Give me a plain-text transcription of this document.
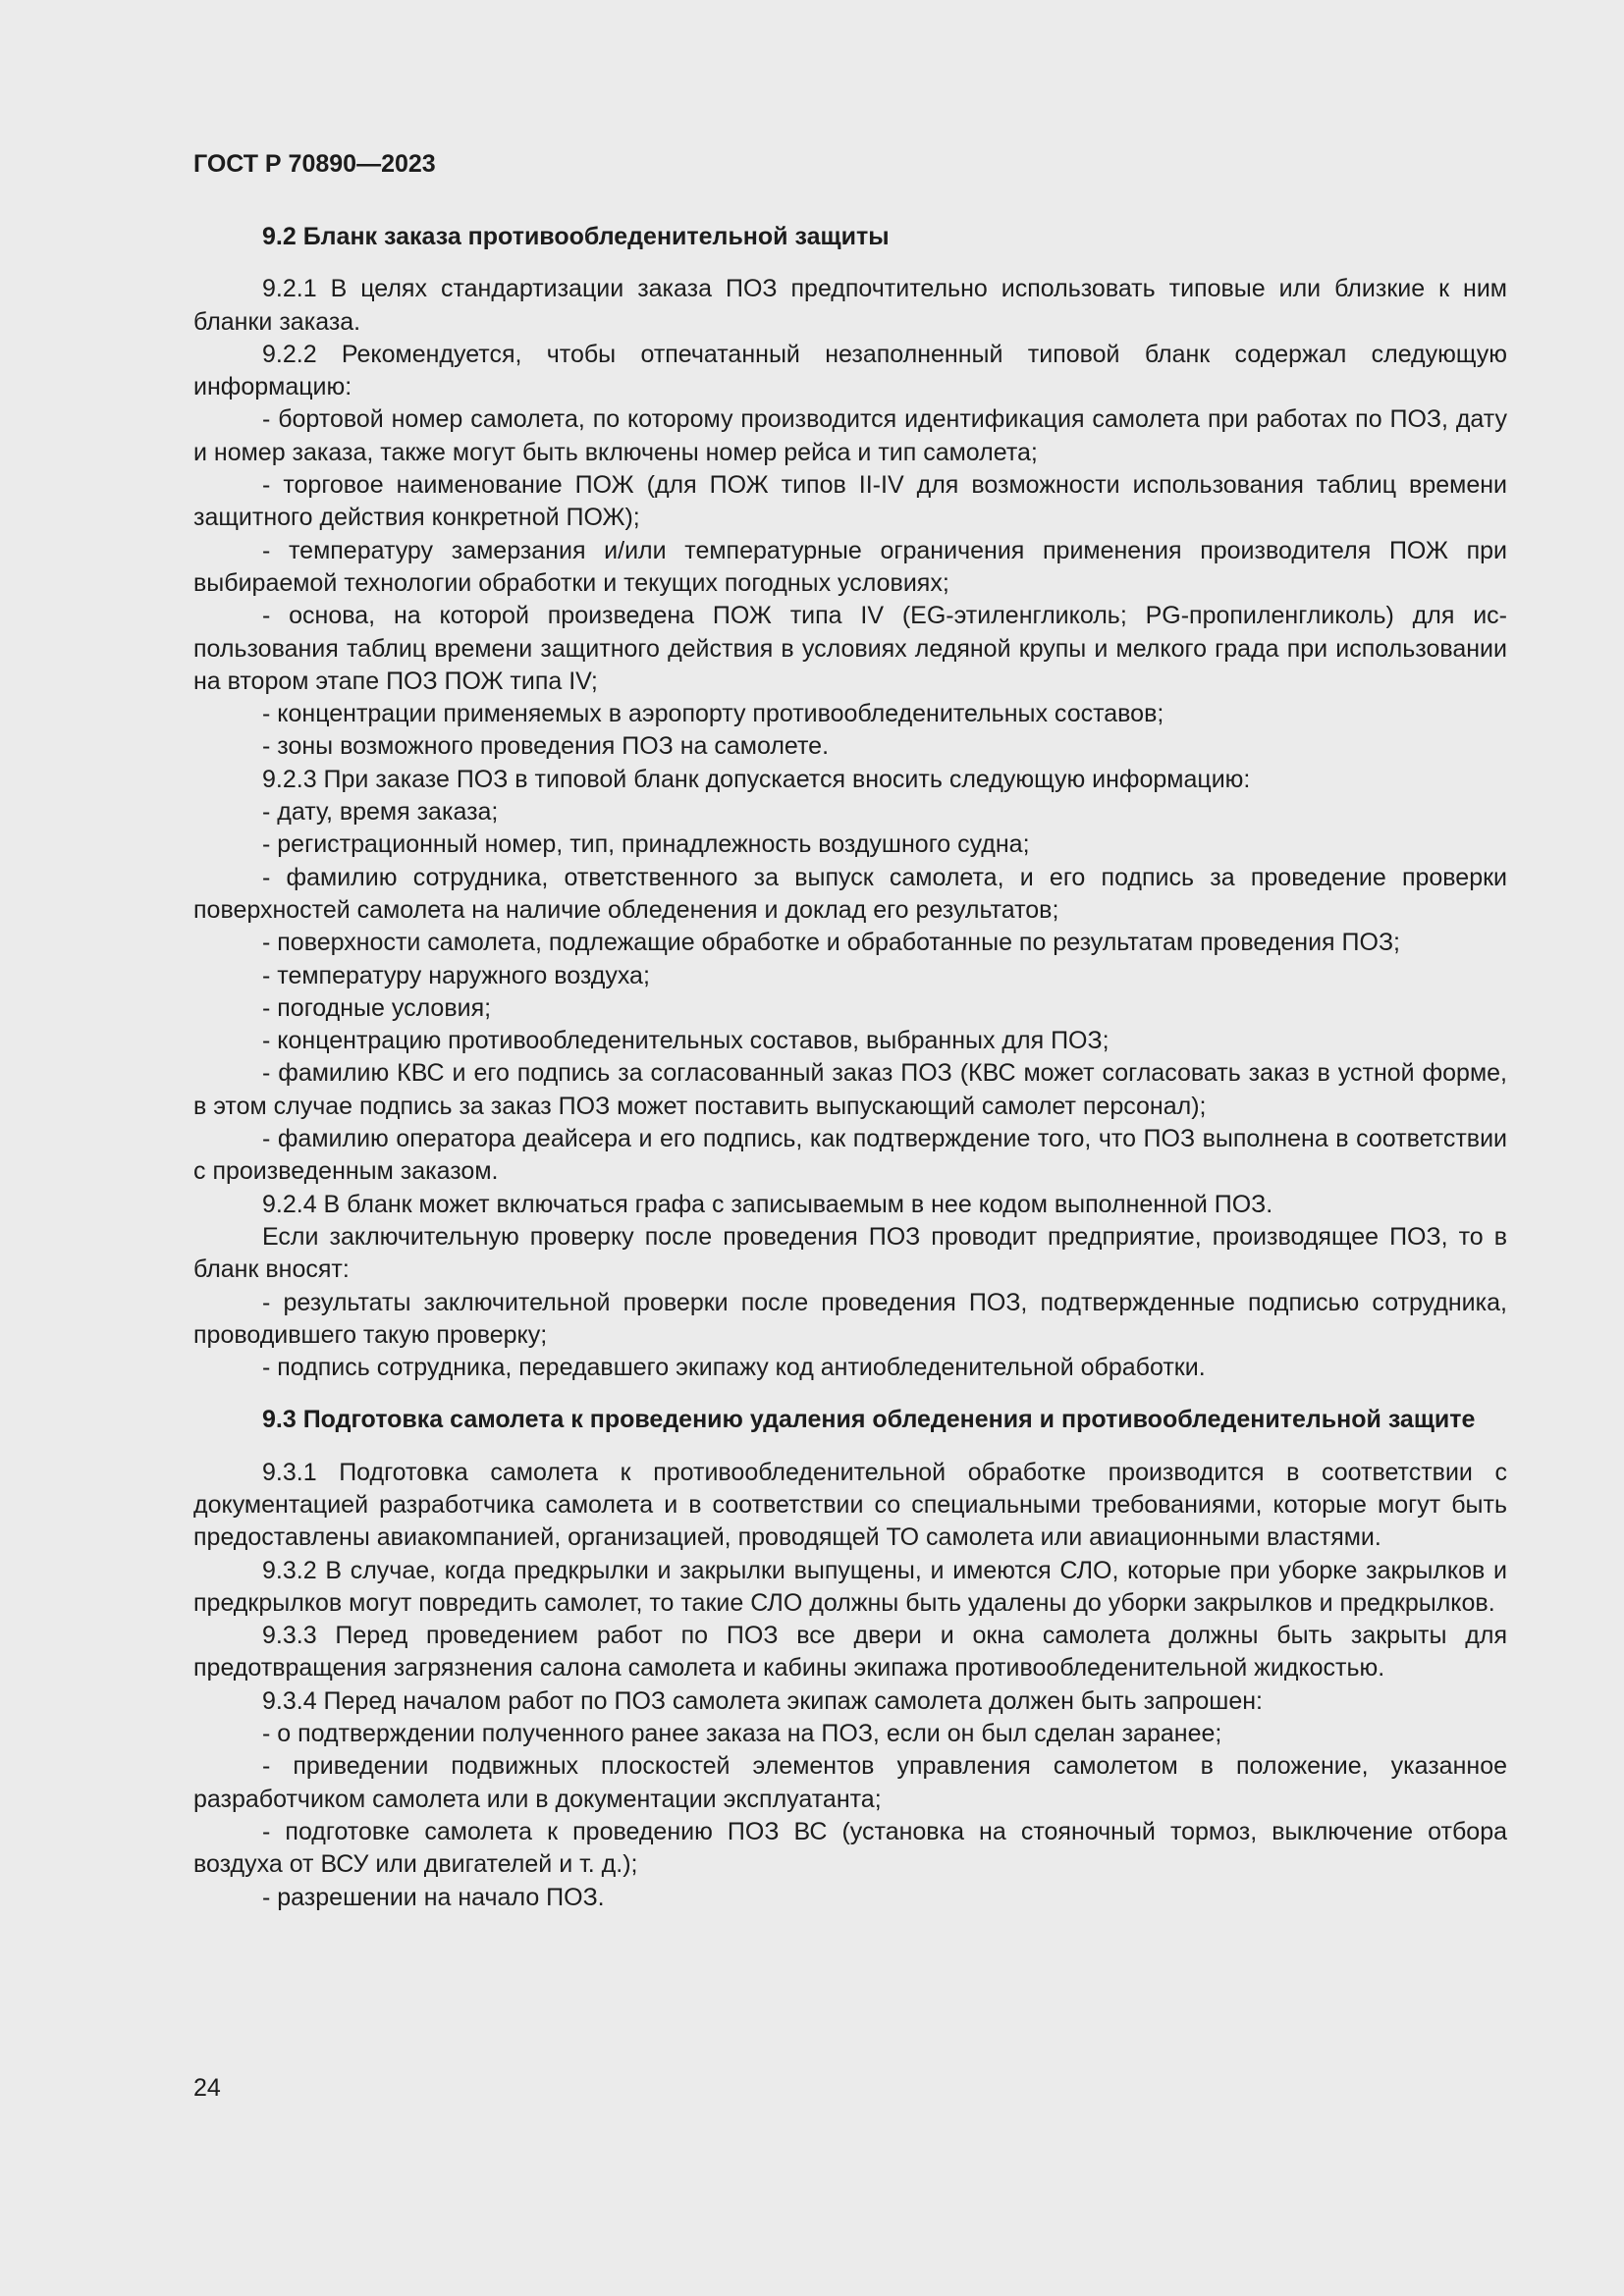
ГОСТ Р 70890—2023
9.2 Бланк заказа противообледенительной защиты

9.2.1 В целях стандартизации заказа ПОЗ предпочтительно использовать типовые или близкие к ним бланки заказа.

9.2.2 Рекомендуется, чтобы отпечатанный незаполненный типовой бланк содержал следующую информацию:

- бортовой номер самолета, по которому производится идентификация самолета при работах по ПОЗ, дату и номер заказа, также могут быть включены номер рейса и тип самолета;

- торговое наименование ПОЖ (для ПОЖ типов II-IV для возможности использования таблиц времени защитного действия конкретной ПОЖ);

- температуру замерзания и/или температурные ограничения применения производителя ПОЖ при выбираемой технологии обработки и текущих погодных условиях;

- основа, на которой произведена ПОЖ типа IV (EG-этиленгликоль; PG-пропиленгликоль) для использования таблиц времени защитного действия в условиях ледяной крупы и мелкого града при использовании на втором этапе ПОЗ ПОЖ типа IV;

- концентрации применяемых в аэропорту противообледенительных составов;

- зоны возможного проведения ПОЗ на самолете.

9.2.3 При заказе ПОЗ в типовой бланк допускается вносить следующую информацию:

- дату, время заказа;

- регистрационный номер, тип, принадлежность воздушного судна;

- фамилию сотрудника, ответственного за выпуск самолета, и его подпись за проведение проверки поверхностей самолета на наличие обледенения и доклад его результатов;

- поверхности самолета, подлежащие обработке и обработанные по результатам проведения ПОЗ;

- температуру наружного воздуха;

- погодные условия;

- концентрацию противообледенительных составов, выбранных для ПОЗ;

- фамилию КВС и его подпись за согласованный заказ ПОЗ (КВС может согласовать заказ в устной форме, в этом случае подпись за заказ ПОЗ может поставить выпускающий самолет персонал);

- фамилию оператора деайсера и его подпись, как подтверждение того, что ПОЗ выполнена в соответствии с произведенным заказом.

9.2.4 В бланк может включаться графа с записываемым в нее кодом выполненной ПОЗ.

Если заключительную проверку после проведения ПОЗ проводит предприятие, производящее ПОЗ, то в бланк вносят:

- результаты заключительной проверки после проведения ПОЗ, подтвержденные подписью сотрудника, проводившего такую проверку;

- подпись сотрудника, передавшего экипажу код антиобледенительной обработки.

9.3 Подготовка самолета к проведению удаления обледенения и противообледенительной защите

9.3.1 Подготовка самолета к противообледенительной обработке производится в соответствии с документацией разработчика самолета и в соответствии со специальными требованиями, которые могут быть предоставлены авиакомпанией, организацией, проводящей ТО самолета или авиационными властями.

9.3.2 В случае, когда предкрылки и закрылки выпущены, и имеются СЛО, которые при уборке закрылков и предкрылков могут повредить самолет, то такие СЛО должны быть удалены до уборки закрылков и предкрылков.

9.3.3 Перед проведением работ по ПОЗ все двери и окна самолета должны быть закрыты для предотвращения загрязнения салона самолета и кабины экипажа противообледенительной жидкостью.

9.3.4 Перед началом работ по ПОЗ самолета экипаж самолета должен быть запрошен:

- о подтверждении полученного ранее заказа на ПОЗ, если он был сделан заранее;

- приведении подвижных плоскостей элементов управления самолетом в положение, указанное разработчиком самолета или в документации эксплуатанта;

- подготовке самолета к проведению ПОЗ ВС (установка на стояночный тормоз, выключение отбора воздуха от ВСУ или двигателей и т. д.);

- разрешении на начало ПОЗ.

24
